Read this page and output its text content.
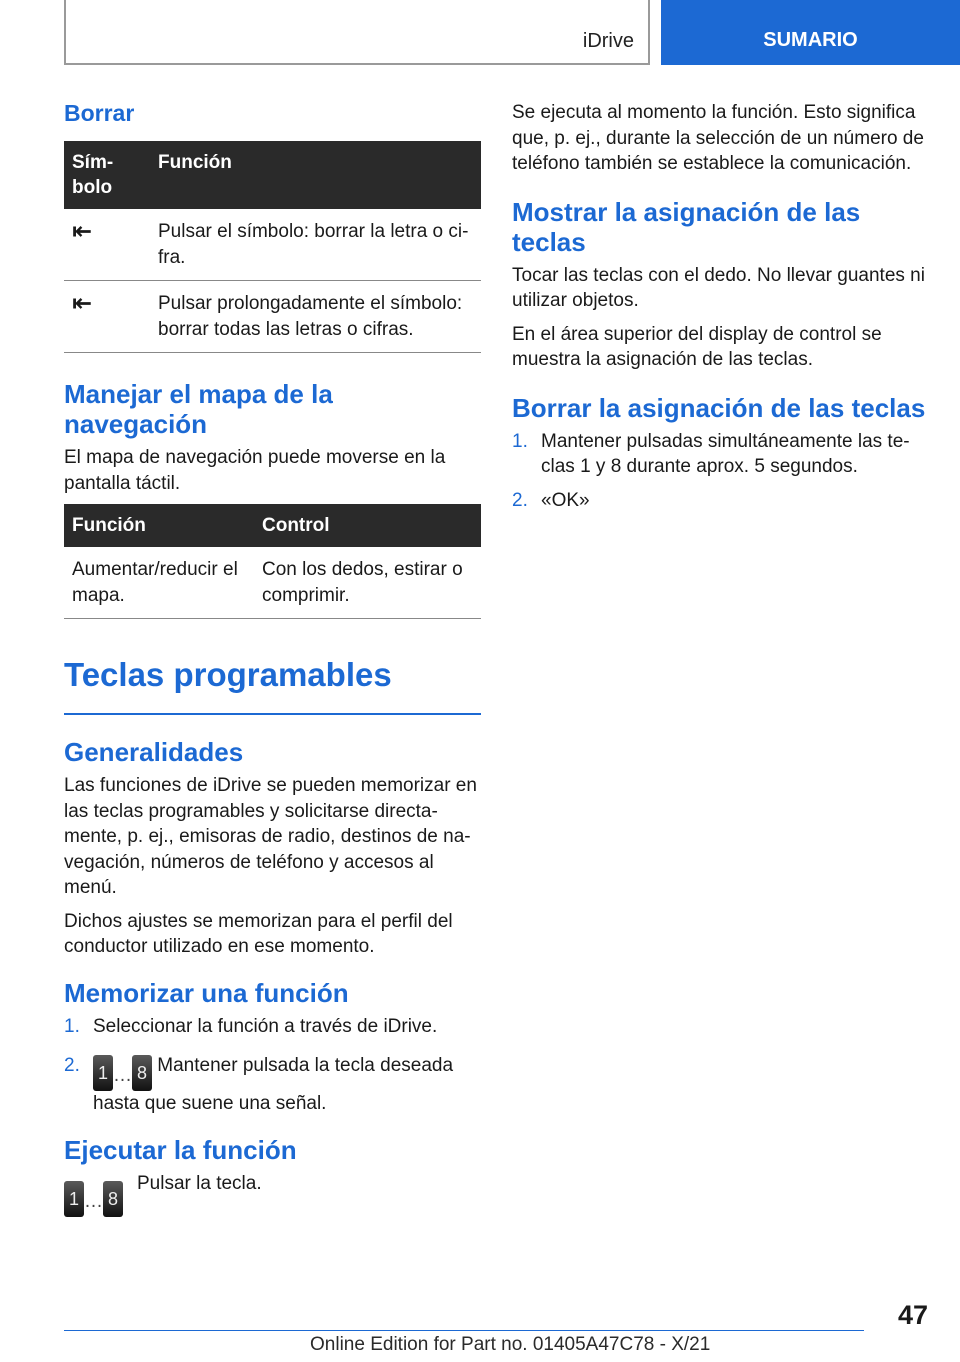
iDrive	SUMARIO
Borrar
Símbolo	Función
⇤	Pulsar el símbolo: borrar la letra o cifra.
⇤	Pulsar prolongadamente el símbolo: borrar todas las letras o cifras.
Manejar el mapa de la navegación

El mapa de navegación puede moverse en la pantalla táctil.

Función	Control
Aumentar/reducir el mapa.	Con los dedos, estirar o comprimir.
Teclas programables
Generalidades

Las funciones de iDrive se pueden memorizar en las teclas programables y solicitarse directamente, p. ej., emisoras de radio, destinos de navegación, números de teléfono y accesos al menú.

Dichos ajustes se memorizan para el perfil del conductor utilizado en ese momento.

Memorizar una función
1. Seleccionar la función a través de iDrive.
2.	1 … 8 Mantener pulsada la tecla deseada hasta que suene una señal.
Ejecutar la función
1 … 8

Pulsar la tecla.

Se ejecuta al momento la función. Esto significa que, p. ej., durante la selección de un número de teléfono también se establece la comunicación.

Mostrar la asignación de las teclas

Tocar las teclas con el dedo. No llevar guantes ni utilizar objetos.

En el área superior del display de control se muestra la asignación de las teclas.

Borrar la asignación de las teclas
1. Mantener pulsadas simultáneamente las teclas 1 y 8 durante aprox. 5 segundos.
2. «OK»
47
Online Edition for Part no. 01405A47C78 - X/21
